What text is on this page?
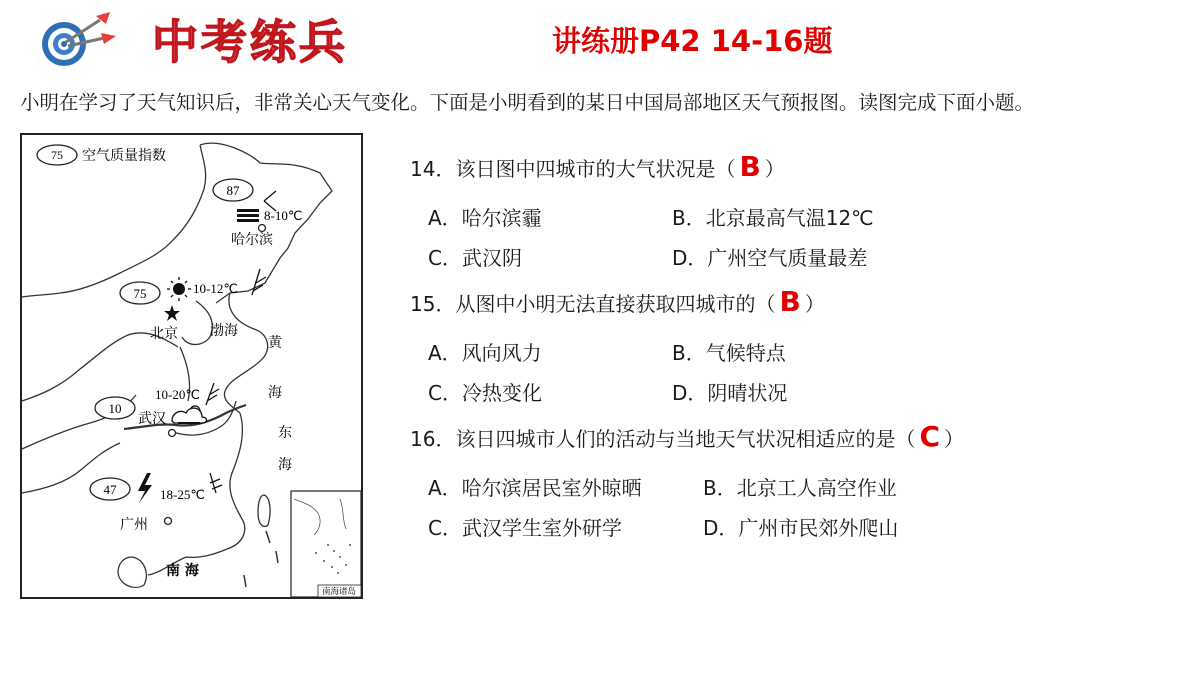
中考练兵	讲练册P42 14-16题
小明在学习了天气知识后，非常关心天气变化。下面是小明看到的某日中国局部地区天气预报图。读图完成下面小题。
75 空气质量指数
87
8-10℃
哈尔滨
75	10-12℃
北京 渤海
黄
海
东
海
10
10-20℃
武汉
47	18-25℃
广州
南 海
南海诸岛
14．该日图中四城市的大气状况是（ B ）
A．哈尔滨霾	B．北京最高气温12℃
C．武汉阴	D．广州空气质量最差
15．从图中小明无法直接获取四城市的（ B ）
A．风向风力	B．气候特点
C．冷热变化	D．阴晴状况
16．该日四城市人们的活动与当地天气状况相适应的是（ C ）
A．哈尔滨居民室外晾晒	B．北京工人高空作业
C．武汉学生室外研学	D．广州市民郊外爬山
